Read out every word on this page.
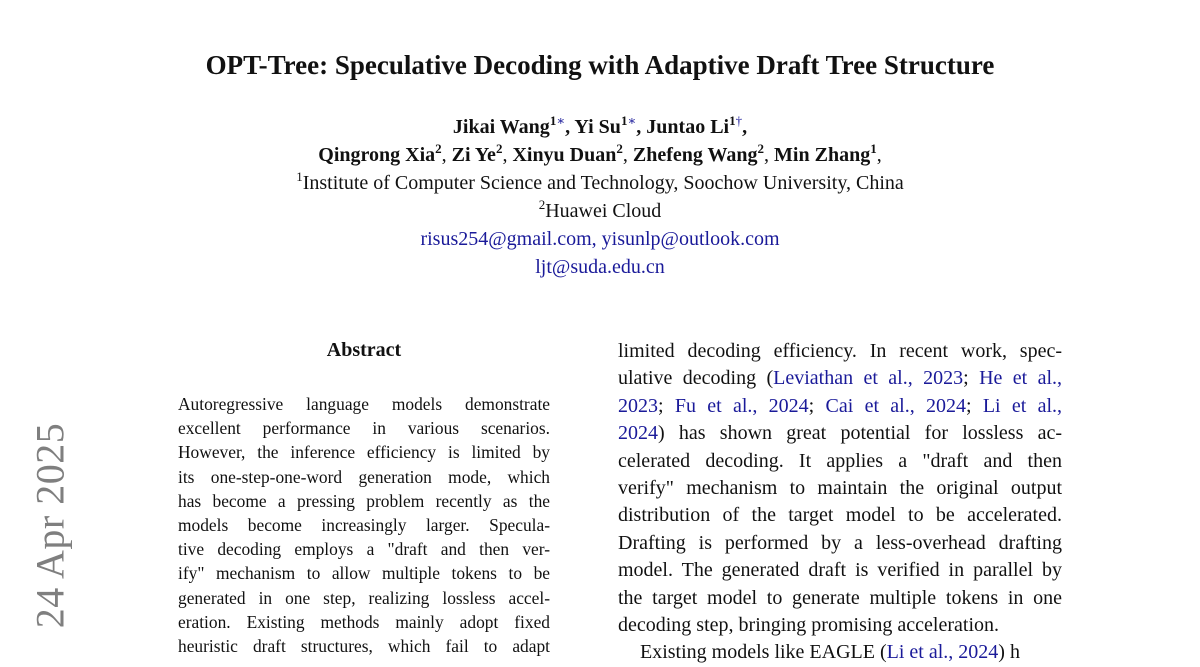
24 Apr 2025
OPT-Tree: Speculative Decoding with Adaptive Draft Tree Structure
Jikai Wang$^{1∗}$, Yi $Su^{1∗}$, Juntao $Li^{1\dagger}$,
Qingrong Xia$^2$, Zi Ye$^2$, Xinyu Duan$^2$, Zhefeng Wang$^2$, Min Zhang$^1$,
$^1$Institute of Computer Science and Technology, Soochow University, China
$^2$Huawei Cloud
risus254@gmail.com, yisunlp@outlook.com
ljt@suda.edu.cn
Abstract
Autoregressive language models demonstrate
excellent performance in various scenarios.
However, the inference efficiency is limited by
its one-step-one-word generation mode, which
has become a pressing problem recently as the
models become increasingly larger. Specula-
tive decoding employs a "draft and then ver-
ify" mechanism to allow multiple tokens to be
generated in one step, realizing lossless accel-
eration. Existing methods mainly adopt fixed
heuristic draft structures, which fail to adapt
limited decoding efficiency. In recent work, spec-
ulative decoding (Leviathan et al., 2023; He et al.,
2023; Fu et al., 2024; Cai et al., 2024; Li et al.,
2024) has shown great potential for lossless ac-
celerated decoding. It applies a "draft and then
verify" mechanism to maintain the original output
distribution of the target model to be accelerated.
Drafting is performed by a less-overhead drafting
model. The generated draft is verified in parallel by
the target model to generate multiple tokens in one
decoding step, bringing promising acceleration.
Existing models like EAGLE (Li et al., 2024) h
